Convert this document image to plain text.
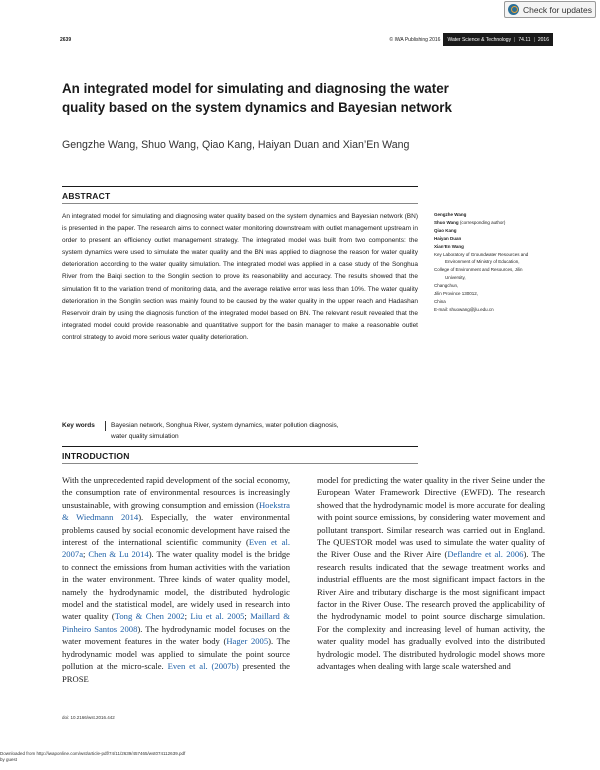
Check for updates
2639	© IWA Publishing 2016	Water Science & Technology | 74.11 | 2016
An integrated model for simulating and diagnosing the water quality based on the system dynamics and Bayesian network
Gengzhe Wang, Shuo Wang, Qiao Kang, Haiyan Duan and Xian’En Wang
ABSTRACT

An integrated model for simulating and diagnosing water quality based on the system dynamics and Bayesian network (BN) is presented in the paper. The research aims to connect water monitoring downstream with outlet management upstream in order to present an efficiency outlet management strategy. The integrated model was built from two components: the system dynamics were used to simulate the water quality and the BN was applied to diagnose the reason for water quality deterioration according to the water quality simulation. The integrated model was applied in a case study of the Songhua River from the Baiqi section to the Songlin section to prove its reasonability and accuracy. The results showed that the simulation fit to the variation trend of monitoring data, and the average relative error was less than 10%. The water quality deterioration in the Songlin section was mainly found to be caused by the water quality in the upper reach and Hadashan Reservoir drain by using the diagnosis function of the integrated model based on BN. The relevant result revealed that the integrated model could provide reasonable and quantitative support for the basin manager to make a reasonable outlet control strategy to avoid more serious water quality deterioration.

Key words	Bayesian network, Songhua River, system dynamics, water pollution diagnosis,
water quality simulation
Gengzhe Wang
Shuo Wang (corresponding author)
Qiao Kang
Haiyan Duan
Xian’En Wang
Key Laboratory of Groundwater Resources and
Environment of Ministry of Education,
College of Environment and Resources, Jilin
University,
Changchun,
Jilin Province 130012,
China
E-mail: shuowang@jlu.edu.cn
INTRODUCTION

With the unprecedented rapid development of the social economy, the consumption rate of environmental resources is increasingly unsustainable, with growing consumption and emission (Hoekstra & Wiedmann 2014). Especially, the water environmental problems caused by social economic development have raised the interest of the international scientific community (Even et al. 2007a; Chen & Lu 2014). The water quality model is the bridge to connect the emissions from human activities with the variation in the water environment. Three kinds of water quality model, namely the hydrodynamic model, the distributed hydrologic model and the statistical model, are widely used in research into water quality (Tong & Chen 2002; Liu et al. 2005; Maillard & Pinheiro Santos 2008). The hydrodynamic model focuses on the water movement features in the water body (Hager 2005). The hydrodynamic model was applied to simulate the point source pollution at the micro-scale. Even et al. (2007b) presented the PROSE

model for predicting the water quality in the river Seine under the European Water Framework Directive (EWFD). The research showed that the hydrodynamic model is more accurate for dealing with point source emissions, by considering water movement and pollutant transport. Similar research was carried out in England. The QUESTOR model was used to simulate the water quality of the River Ouse and the River Aire (Deflandre et al. 2006). The research results indicated that the sewage treatment works and industrial effluents are the most significant impact factors in the River Aire and tributary discharge is the most significant impact factor in the River Ouse. The research proved the applicability of the hydrodynamic model to point source discharge simulation. For the complexity and increasing level of human activity, the water quality model has gradually evolved into the distributed hydrologic model. The distributed hydrologic model shows more advantages when dealing with large scale watershed and

doi: 10.2166/wst.2016.442
Downloaded from http://iwaponline.com/wst/article-pdf/74/11/2639/457465/wst074112639.pdf
by guest
